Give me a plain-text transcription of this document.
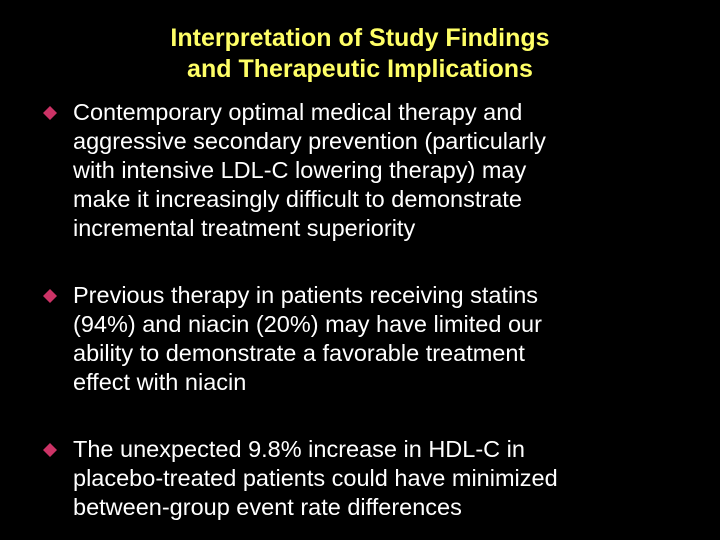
Interpretation of Study Findings
and Therapeutic Implications
Contemporary optimal medical therapy and
aggressive secondary prevention (particularly
with intensive LDL-C lowering therapy) may
make it increasingly difficult to demonstrate
incremental treatment superiority
Previous therapy in patients receiving statins
(94%) and niacin (20%) may have limited our
ability to demonstrate a favorable treatment
effect with niacin
The unexpected 9.8% increase in HDL-C in
placebo-treated patients could have minimized
between-group event rate differences
